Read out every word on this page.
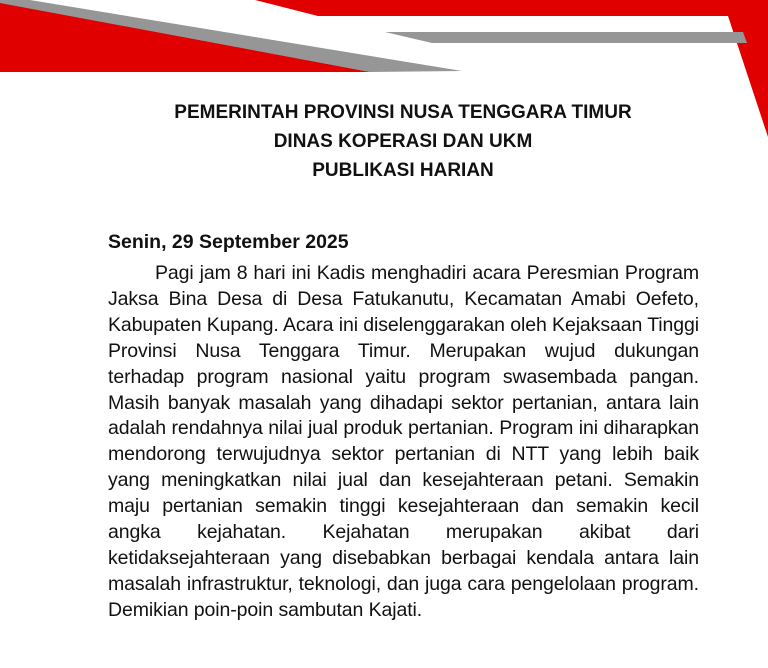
PEMERINTAH PROVINSI NUSA TENGGARA TIMUR
DINAS KOPERASI DAN UKM
PUBLIKASI HARIAN
Senin, 29 September 2025
Pagi jam 8 hari ini Kadis menghadiri acara Peresmian Program Jaksa Bina Desa di Desa Fatukanutu, Kecamatan Amabi Oefeto, Kabupaten Kupang. Acara ini diselenggarakan oleh Kejaksaan Tinggi Provinsi Nusa Tenggara Timur. Merupakan wujud dukungan terhadap program nasional yaitu program swasembada pangan. Masih banyak masalah yang dihadapi sektor pertanian, antara lain adalah rendahnya nilai jual produk pertanian. Program ini diharapkan mendorong terwujudnya sektor pertanian di NTT yang lebih baik yang meningkatkan nilai jual dan kesejahteraan petani. Semakin maju pertanian semakin tinggi kesejahteraan dan semakin kecil angka kejahatan. Kejahatan merupakan akibat dari ketidaksejahteraan yang disebabkan berbagai kendala antara lain masalah infrastruktur, teknologi, dan juga cara pengelolaan program. Demikian poin-poin sambutan Kajati.
